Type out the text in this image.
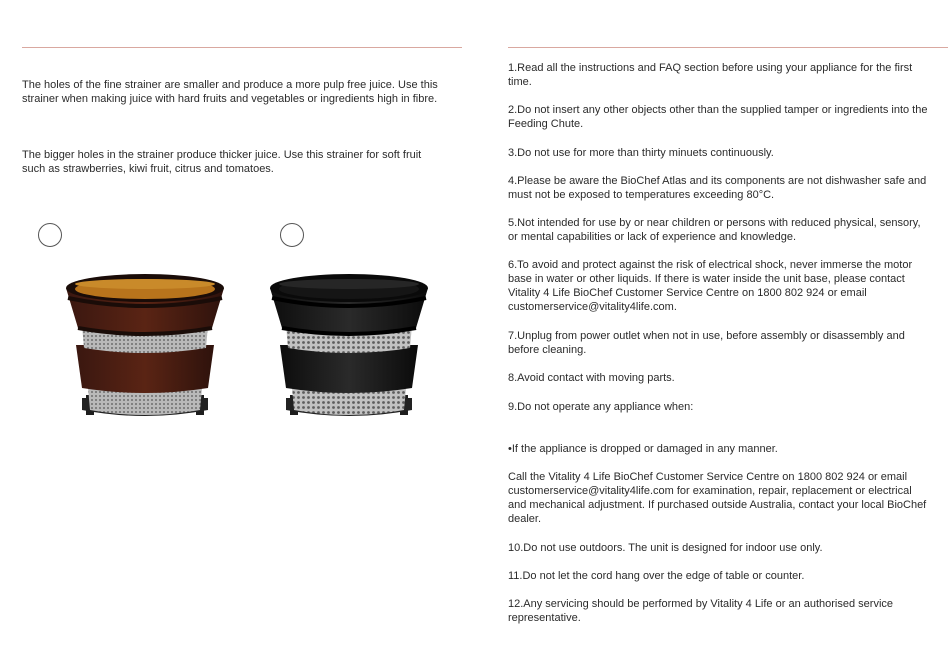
The holes of the fine strainer are smaller and produce a more pulp free juice. Use this strainer when making juice with hard fruits and vegetables or ingredients high in fibre.

The bigger holes in the strainer produce thicker juice. Use this strainer for soft fruit such as strawberries, kiwi fruit, citrus and tomatoes.

1.Read all the instructions and FAQ section before using your appliance for the first time.

2.Do not insert any other objects other than the supplied tamper or ingredients into the Feeding Chute.

3.Do not use for more than thirty minuets continuously.

4.Please be aware the BioChef Atlas and its components are not dishwasher safe and must not be exposed to temperatures exceeding 80°C.

5.Not intended for use by or near children or persons with reduced physical, sensory, or mental capabilities or lack of experience and knowledge.

6.To avoid and protect against the risk of electrical shock, never immerse the motor base in water or other liquids. If there is water inside the unit base, please contact Vitality 4 Life BioChef Customer Service Centre on 1800 802 924 or email customerservice@vitality4life.com.

7.Unplug from power outlet when not in use, before assembly or disassembly and before cleaning.

8.Avoid contact with moving parts.

9.Do not operate any appliance when:

•If the appliance is dropped or damaged in any manner.

Call the Vitality 4 Life BioChef Customer Service Centre on 1800 802 924 or email customerservice@vitality4life.com for examination, repair, replacement or electrical and mechanical adjustment. If purchased outside Australia, contact your local BioChef dealer.

10.Do not use outdoors. The unit is designed for indoor use only.

11.Do not let the cord hang over the edge of table or counter.

12.Any servicing should be performed by Vitality 4 Life or an authorised service representative.
